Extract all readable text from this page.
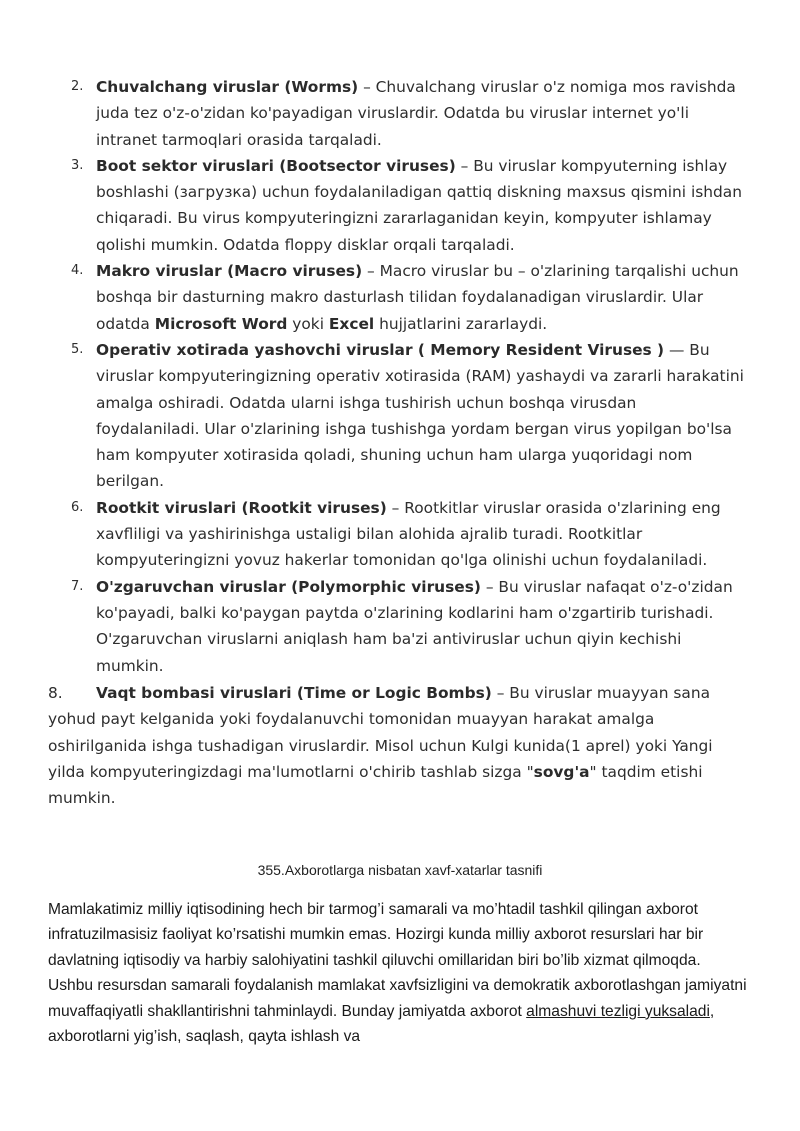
2. Chuvalchang viruslar (Worms) – Chuvalchang viruslar o'z nomiga mos ravishda juda tez o'z-o'zidan ko'payadigan viruslardir. Odatda bu viruslar internet yo'li intranet tarmoqlari orasida tarqaladi.
3. Boot sektor viruslari (Bootsector viruses) – Bu viruslar kompyuterning ishlay boshlashi (загрузка) uchun foydalaniladigan qattiq diskning maxsus qismini ishdan chiqaradi. Bu virus kompyuteringizni zararlaganidan keyin, kompyuter ishlamay qolishi mumkin. Odatda floppy disklar orqali tarqaladi.
4. Makro viruslar (Macro viruses) – Macro viruslar bu – o'zlarining tarqalishi uchun boshqa bir dasturning makro dasturlash tilidan foydalanadigan viruslardir. Ular odatda Microsoft Word yoki Excel hujjatlarini zararlaydi.
5. Operativ xotirada yashovchi viruslar ( Memory Resident Viruses ) — Bu viruslar kompyuteringizning operativ xotirasida (RAM) yashaydi va zararli harakatini amalga oshiradi. Odatda ularni ishga tushirish uchun boshqa virusdan foydalaniladi. Ular o'zlarining ishga tushishga yordam bergan virus yopilgan bo'lsa ham kompyuter xotirasida qoladi, shuning uchun ham ularga yuqoridagi nom berilgan.
6. Rootkit viruslari (Rootkit viruses) – Rootkitlar viruslar orasida o'zlarining eng xavfliligi va yashirinishga ustaligi bilan alohida ajralib turadi. Rootkitlar kompyuteringizni yovuz hakerlar tomonidan qo'lga olinishi uchun foydalaniladi.
7. O'zgaruvchan viruslar (Polymorphic viruses) – Bu viruslar nafaqat o'z-o'zidan ko'payadi, balki ko'paygan paytda o'zlarining kodlarini ham o'zgartirib turishadi. O'zgaruvchan viruslarni aniqlash ham ba'zi antiviruslar uchun qiyin kechishi mumkin.
8. Vaqt bombasi viruslari (Time or Logic Bombs) – Bu viruslar muayyan sana yohud payt kelganida yoki foydalanuvchi tomonidan muayyan harakat amalga oshirilganida ishga tushadigan viruslardir. Misol uchun Kulgi kunida(1 aprel) yoki Yangi yilda kompyuteringizdagi ma'lumotlarni o'chirib tashlab sizga "sovg'a" taqdim etishi mumkin.
355.Axborotlarga nisbatan xavf-xatarlar tasnifi
Mamlakatimiz milliy iqtisodining hech bir tarmog’i samarali va mo’htadil tashkil qilingan axborot infratuzilmasisiz faoliyat ko’rsatishi mumkin emas. Hozirgi kunda milliy axborot resurslari har bir davlatning iqtisodiy va harbiy salohiyatini tashkil qiluvchi omillaridan biri bo’lib xizmat qilmoqda. Ushbu resursdan samarali foydalanish mamlakat xavfsizligini va demokratik axborotlashgan jamiyatni muvaffaqiyatli shakllantirishni tahminlaydi. Bunday jamiyatda axborot almashuvi tezligi yuksaladi, axborotlarni yig’ish, saqlash, qayta ishlash va
